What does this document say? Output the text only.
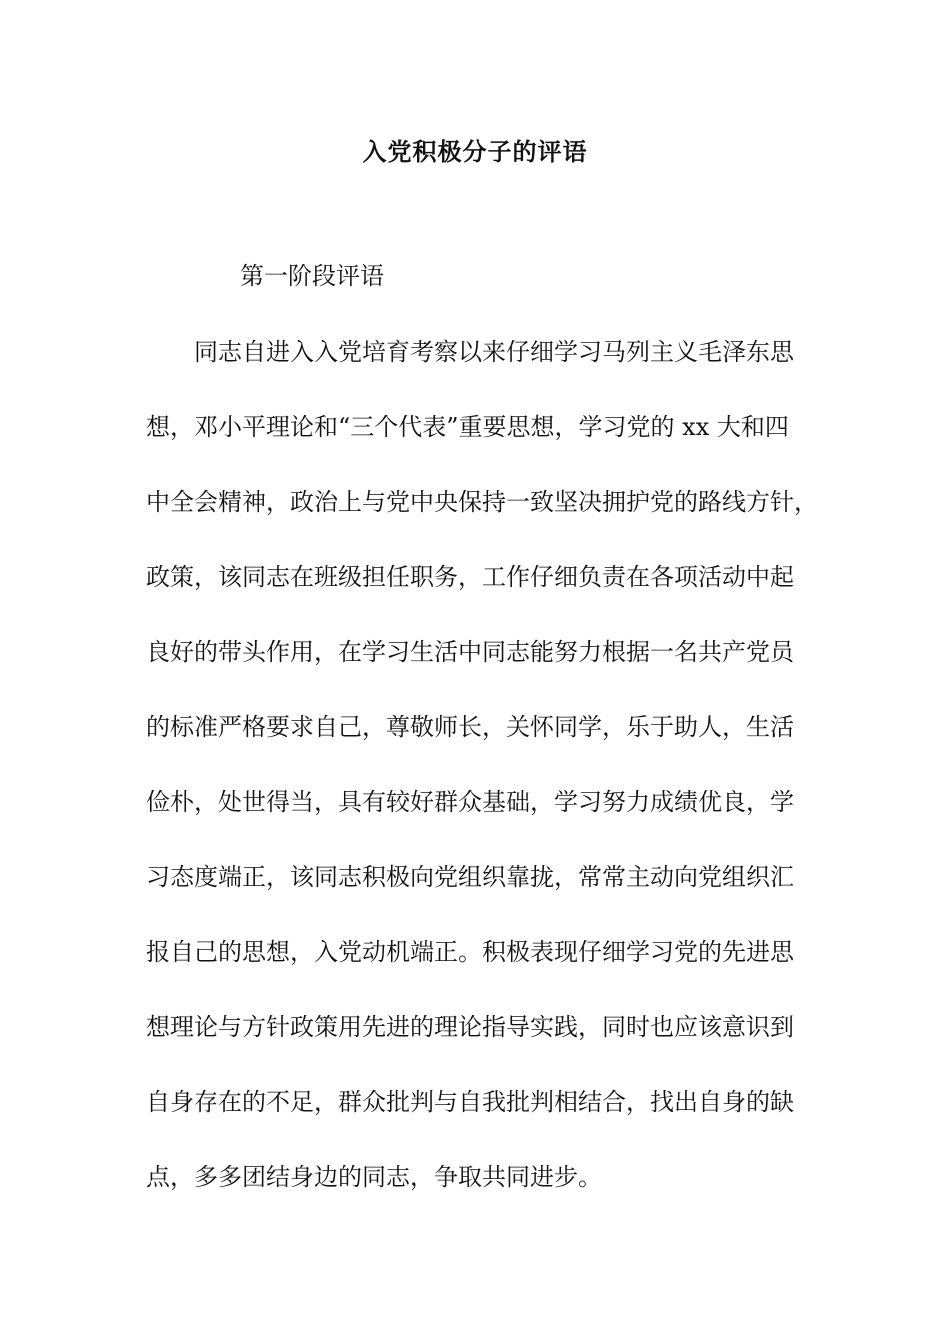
入党积极分子的评语
第一阶段评语
同志自进入入党培育考察以来仔细学习马列主义毛泽东思
想，邓小平理论和“三个代表”重要思想，学习党的 xx 大和四
中全会精神，政治上与党中央保持一致坚决拥护党的路线方针，
政策，该同志在班级担任职务，工作仔细负责在各项活动中起
良好的带头作用，在学习生活中同志能努力根据一名共产党员
的标准严格要求自己，尊敬师长，关怀同学，乐于助人，生活
俭朴，处世得当，具有较好群众基础，学习努力成绩优良，学
习态度端正，该同志积极向党组织靠拢，常常主动向党组织汇
报自己的思想，入党动机端正。积极表现仔细学习党的先进思
想理论与方针政策用先进的理论指导实践，同时也应该意识到
自身存在的不足，群众批判与自我批判相结合，找出自身的缺
点，多多团结身边的同志，争取共同进步。
